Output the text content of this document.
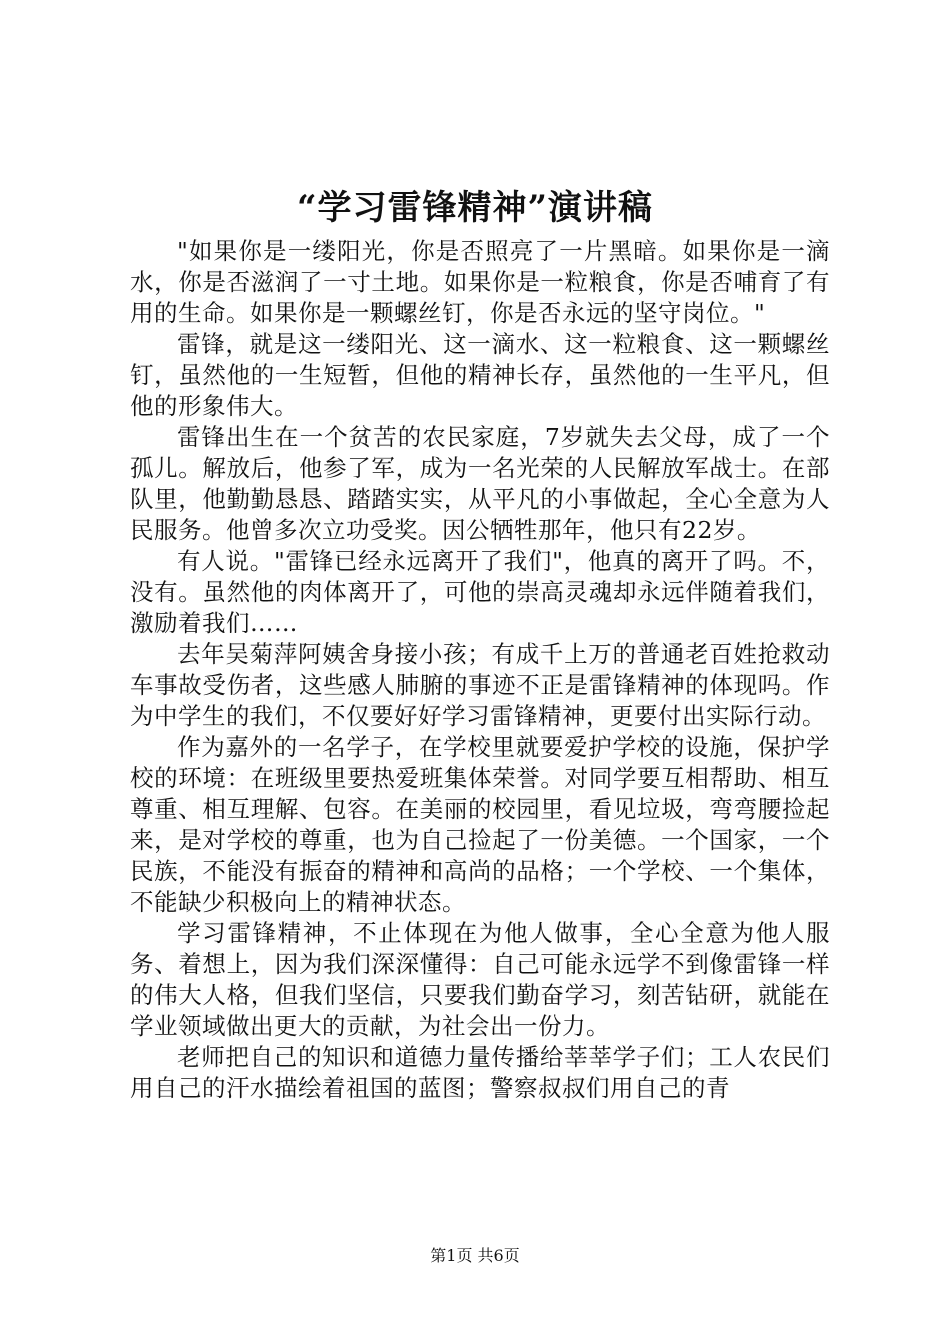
“学习雷锋精神”演讲稿

"如果你是一缕阳光，你是否照亮了一片黑暗。如果你是一滴水，你是否滋润了一寸土地。如果你是一粒粮食，你是否哺育了有用的生命。如果你是一颗螺丝钉，你是否永远的坚守岗位。"

雷锋，就是这一缕阳光、这一滴水、这一粒粮食、这一颗螺丝钉，虽然他的一生短暂，但他的精神长存，虽然他的一生平凡，但他的形象伟大。

雷锋出生在一个贫苦的农民家庭，7岁就失去父母，成了一个孤儿。解放后，他参了军，成为一名光荣的人民解放军战士。在部队里，他勤勤恳恳、踏踏实实，从平凡的小事做起，全心全意为人民服务。他曾多次立功受奖。因公牺牲那年，他只有22岁。

有人说。"雷锋已经永远离开了我们"，他真的离开了吗。不，没有。虽然他的肉体离开了，可他的崇高灵魂却永远伴随着我们，激励着我们……

去年吴菊萍阿姨舍身接小孩；有成千上万的普通老百姓抢救动车事故受伤者，这些感人肺腑的事迹不正是雷锋精神的体现吗。作为中学生的我们，不仅要好好学习雷锋精神，更要付出实际行动。

作为嘉外的一名学子，在学校里就要爱护学校的设施，保护学校的环境：在班级里要热爱班集体荣誉。对同学要互相帮助、相互尊重、相互理解、包容。在美丽的校园里，看见垃圾，弯弯腰捡起来，是对学校的尊重，也为自己捡起了一份美德。一个国家，一个民族，不能没有振奋的精神和高尚的品格；一个学校、一个集体，不能缺少积极向上的精神状态。

学习雷锋精神，不止体现在为他人做事，全心全意为他人服务、着想上，因为我们深深懂得：自己可能永远学不到像雷锋一样的伟大人格，但我们坚信，只要我们勤奋学习，刻苦钻研，就能在学业领域做出更大的贡献，为社会出一份力。

老师把自己的知识和道德力量传播给莘莘学子们；工人农民们用自己的汗水描绘着祖国的蓝图；警察叔叔们用自己的青

第1页 共6页
